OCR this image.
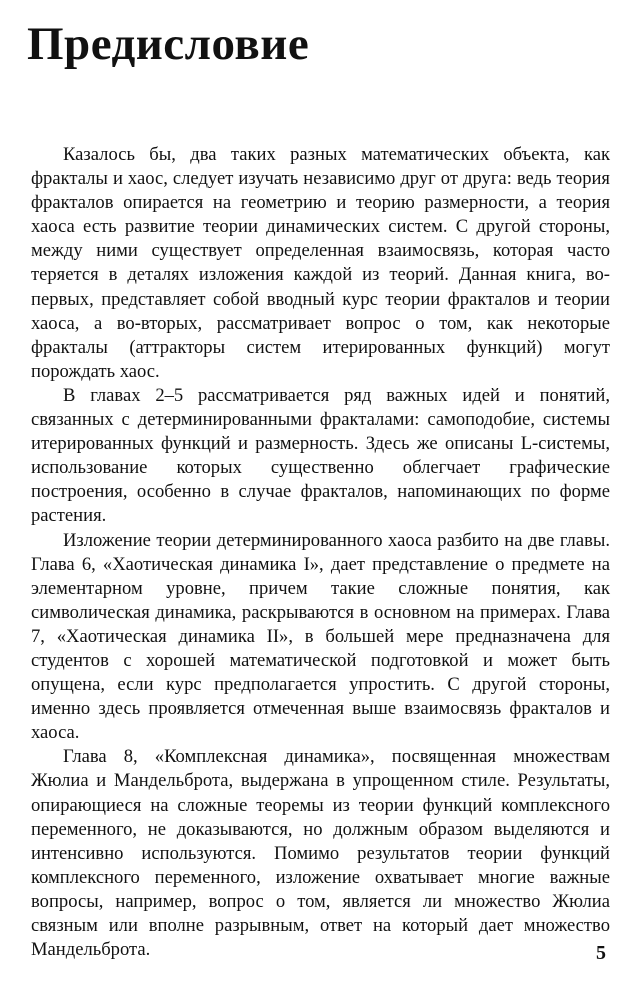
Предисловие

Казалось бы, два таких разных математических объекта, как фракталы и хаос, следует изучать независимо друг от друга: ведь теория фракталов опирается на геометрию и теорию размерности, а теория хаоса есть развитие теории динамических систем. С другой стороны, между ними существует определенная взаимосвязь, которая часто теряется в деталях изложения каждой из теорий. Данная книга, во-первых, представляет собой вводный курс теории фракталов и теории хаоса, а во-вторых, рассматривает вопрос о том, как некоторые фракталы (аттракторы систем итерированных функций) могут порождать хаос.

В главах 2–5 рассматривается ряд важных идей и понятий, связанных с детерминированными фракталами: самоподобие, системы итерированных функций и размерность. Здесь же описаны L-системы, использование которых существенно облегчает графические построения, особенно в случае фракталов, напоминающих по форме растения.

Изложение теории детерминированного хаоса разбито на две главы. Глава 6, «Хаотическая динамика I», дает представление о предмете на элементарном уровне, причем такие сложные понятия, как символическая динамика, раскрываются в основном на примерах. Глава 7, «Хаотическая динамика II», в большей мере предназначена для студентов с хорошей математической подготовкой и может быть опущена, если курс предполагается упростить. С другой стороны, именно здесь проявляется отмеченная выше взаимосвязь фракталов и хаоса.

Глава 8, «Комплексная динамика», посвященная множествам Жюлиа и Мандельброта, выдержана в упрощенном стиле. Результаты, опирающиеся на сложные теоремы из теории функций комплексного переменного, не доказываются, но должным образом выделяются и интенсивно используются. Помимо результатов теории функций комплексного переменного, изложение охватывает многие важные вопросы, например, вопрос о том, является ли множество Жюлиа связным или вполне разрывным, ответ на который дает множество Мандельброта.	5
